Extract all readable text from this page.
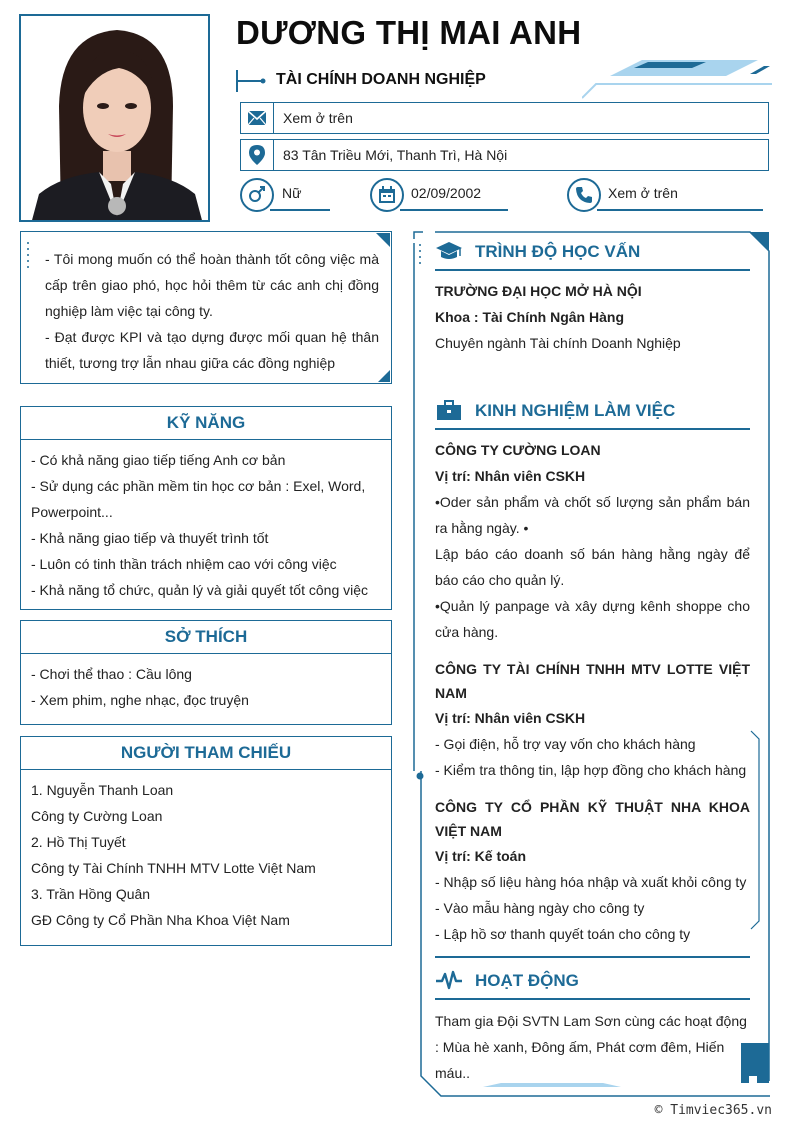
DƯƠNG THỊ MAI ANH
TÀI CHÍNH DOANH NGHIỆP
Xem ở trên
83 Tân Triều Mới, Thanh Trì, Hà Nội
Nữ	02/09/2002	Xem ở trên
- Tôi mong muốn có thể hoàn thành tốt công việc mà cấp trên giao phó, học hỏi thêm từ các anh chị đồng nghiệp làm việc tại công ty.
- Đạt được KPI và tạo dựng được mối quan hệ thân thiết, tương trợ lẫn nhau giữa các đồng nghiệp
KỸ NĂNG
- Có khả năng giao tiếp tiếng Anh cơ bản
- Sử dụng các phần mềm tin học cơ bản : Exel, Word, Powerpoint...
- Khả năng giao tiếp và thuyết trình tốt
- Luôn có tinh thần trách nhiệm cao với công việc
- Khả năng tổ chức, quản lý và giải quyết tốt công việc
SỞ THÍCH
- Chơi thể thao : Cầu lông
- Xem phim, nghe nhạc, đọc truyện
NGƯỜI THAM CHIẾU
1. Nguyễn Thanh Loan
Công ty Cường Loan
2. Hồ Thị Tuyết
Công ty Tài Chính TNHH MTV Lotte Việt Nam
3. Trần Hồng Quân
GĐ Công ty Cổ Phần Nha Khoa Việt Nam
TRÌNH ĐỘ HỌC VẤN
TRƯỜNG ĐẠI HỌC MỞ HÀ NỘI
Khoa : Tài Chính Ngân Hàng
Chuyên ngành Tài chính Doanh Nghiệp
KINH NGHIỆM LÀM VIỆC
CÔNG TY CƯỜNG LOAN
Vị trí: Nhân viên CSKH
•Oder sản phẩm và chốt số lượng sản phẩm bán ra hằng ngày. •
Lập báo cáo doanh số bán hàng hằng ngày để báo cáo cho quản lý.
•Quản lý panpage và xây dựng kênh shoppe cho cửa hàng.
CÔNG TY TÀI CHÍNH TNHH MTV LOTTE VIỆT NAM
Vị trí: Nhân viên CSKH
- Gọi điện, hỗ trợ vay vốn cho khách hàng
- Kiểm tra thông tin, lập hợp đồng cho khách hàng
CÔNG TY CỔ PHẦN KỸ THUẬT NHA KHOA VIỆT NAM
Vị trí: Kế toán
- Nhập số liệu hàng hóa nhập và xuất khỏi công ty
- Vào mẫu hàng ngày cho công ty
- Lập hồ sơ thanh quyết toán cho công ty
HOẠT ĐỘNG
Tham gia Đội SVTN Lam Sơn cùng các hoạt động : Mùa hè xanh, Đông ấm, Phát cơm đêm, Hiến máu..
© Timviec365.vn
